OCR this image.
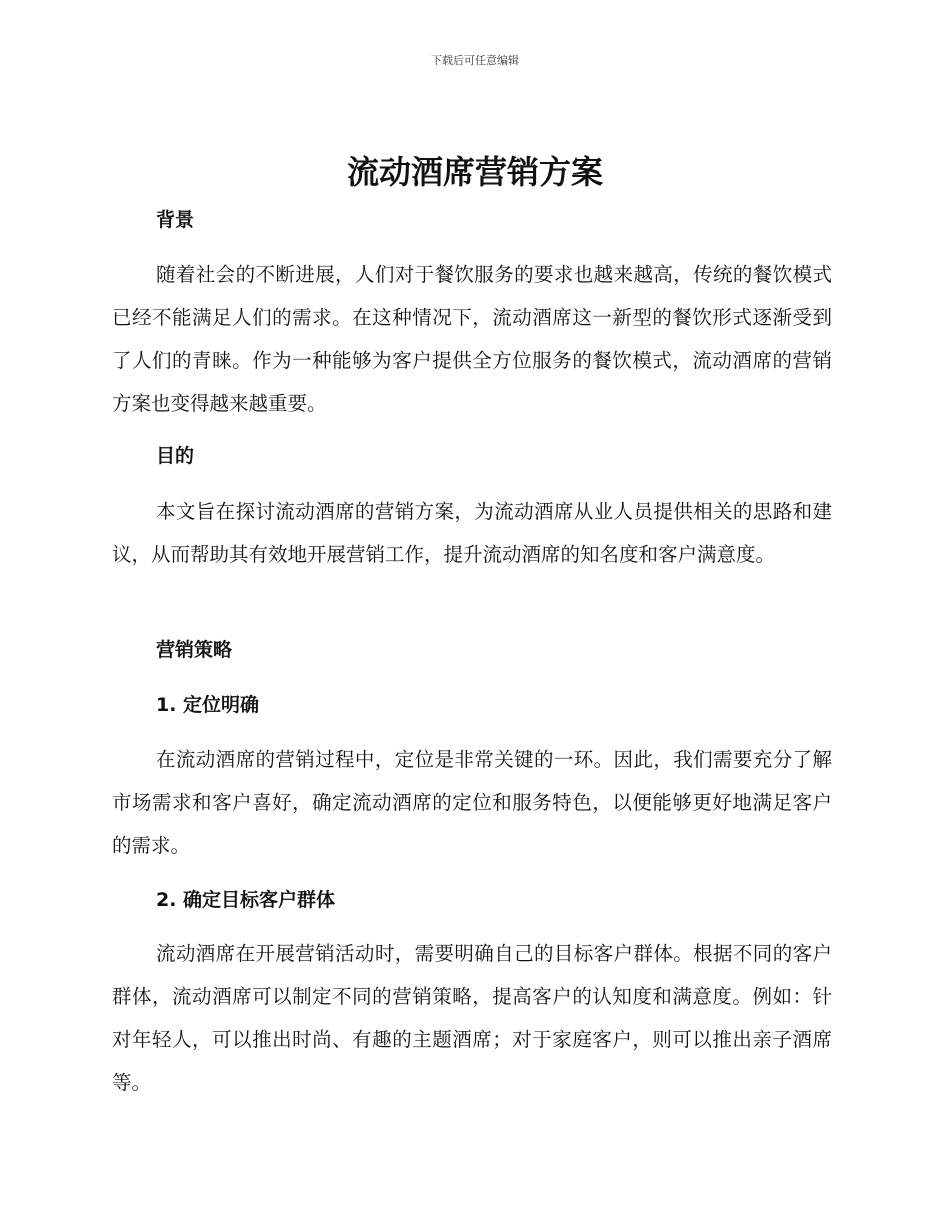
下载后可任意编辑
流动酒席营销方案
背景

随着社会的不断进展，人们对于餐饮服务的要求也越来越高，传统的餐饮模式已经不能满足人们的需求。在这种情况下，流动酒席这一新型的餐饮形式逐渐受到了人们的青睐。作为一种能够为客户提供全方位服务的餐饮模式，流动酒席的营销方案也变得越来越重要。

目的

本文旨在探讨流动酒席的营销方案，为流动酒席从业人员提供相关的思路和建议，从而帮助其有效地开展营销工作，提升流动酒席的知名度和客户满意度。

营销策略
1. 定位明确

在流动酒席的营销过程中，定位是非常关键的一环。因此，我们需要充分了解市场需求和客户喜好，确定流动酒席的定位和服务特色，以便能够更好地满足客户的需求。

2. 确定目标客户群体

流动酒席在开展营销活动时，需要明确自己的目标客户群体。根据不同的客户群体，流动酒席可以制定不同的营销策略，提高客户的认知度和满意度。例如：针对年轻人，可以推出时尚、有趣的主题酒席；对于家庭客户，则可以推出亲子酒席等。
